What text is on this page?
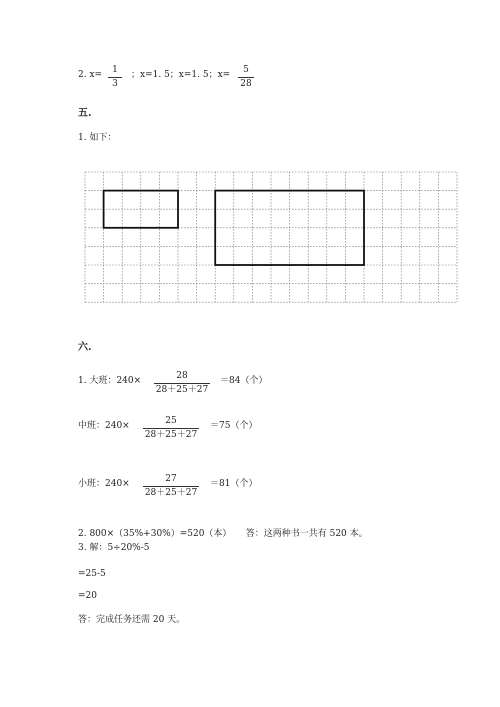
2. x=	1
3
；x=1. 5；x=1. 5；x=	5
28
五.
1. 如下：
六.
1. 大班：240×	28
28＋25＋27
＝84（个）
中班：240×	25
28＋25＋27
＝75（个）
小班：240×	27
28＋25＋27
＝81（个）
2. 800×（35%+30%）=520（本）     答：这两种书一共有 520 本。
3. 解：5÷20%-5
=25-5
=20
答：完成任务还需 20 天。
